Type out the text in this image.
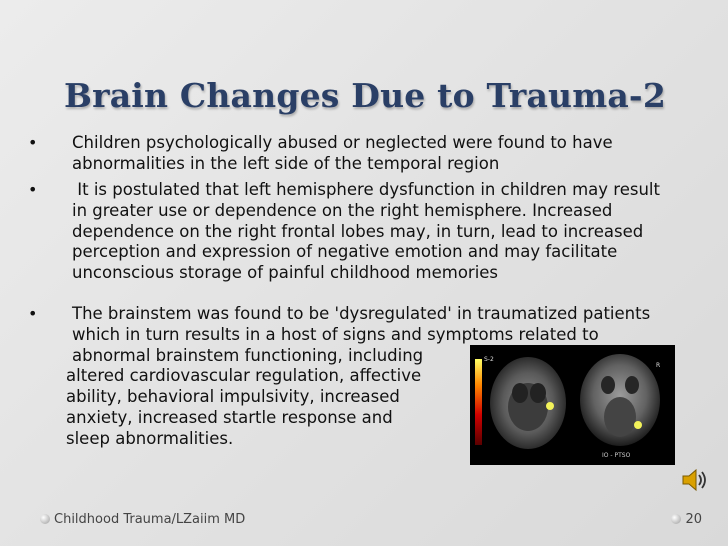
Brain Changes Due to Trauma-2
• Children psychologically abused or neglected were found to have
abnormalities in the left side of the temporal region
• It is postulated that left hemisphere dysfunction in children may result
in greater use or dependence on the right hemisphere. Increased
dependence on the right frontal lobes may, in turn, lead to increased
perception and expression of negative emotion and may facilitate
unconscious storage of painful childhood memories
• The brainstem was found to be 'dysregulated' in traumatized patients
which in turn results in a host of signs and symptoms related to
abnormal brainstem functioning, including
altered cardiovascular regulation, affective
ability, behavioral impulsivity, increased
anxiety, increased startle response and
sleep abnormalities.
S-2
R
IO - PTSO
Childhood Trauma/LZaiim MD	20
